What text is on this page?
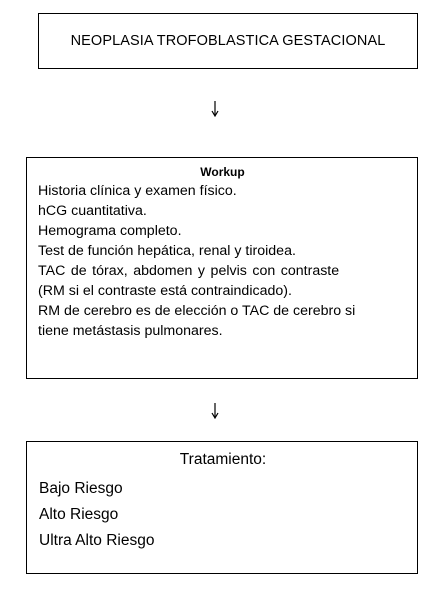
NEOPLASIA TROFOBLASTICA GESTACIONAL
Workup
Historia clínica y examen físico.
hCG cuantitativa.
Hemograma completo.
Test de función hepática, renal y tiroidea.
TAC de tórax, abdomen y pelvis con contraste
(RM si el contraste está contraindicado).
RM de cerebro es de elección o TAC de cerebro si
tiene metástasis pulmonares.
Tratamiento:
Bajo Riesgo
Alto Riesgo
Ultra Alto Riesgo
